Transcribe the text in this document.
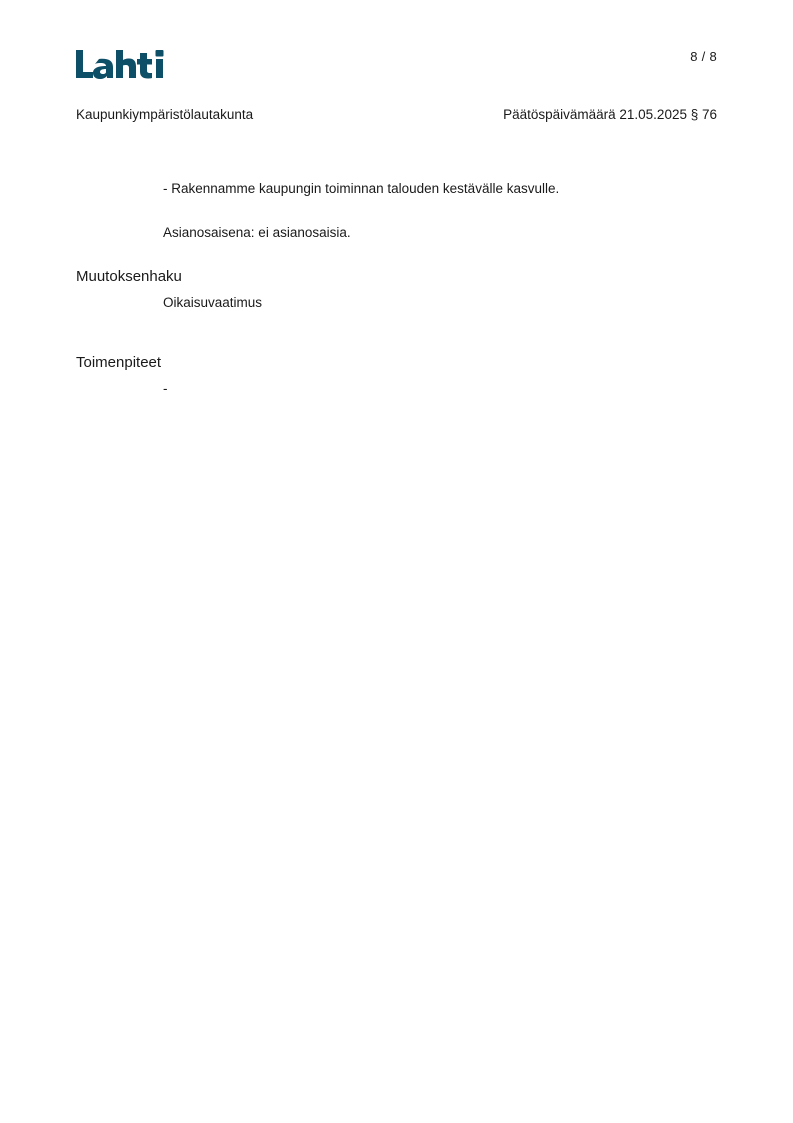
8 / 8
Kaupunkiympäristölautakunta	Päätöspäivämäärä 21.05.2025 § 76
- Rakennamme kaupungin toiminnan talouden kestävälle kasvulle.
Asianosaisena: ei asianosaisia.
Muutoksenhaku
Oikaisuvaatimus
Toimenpiteet
-
